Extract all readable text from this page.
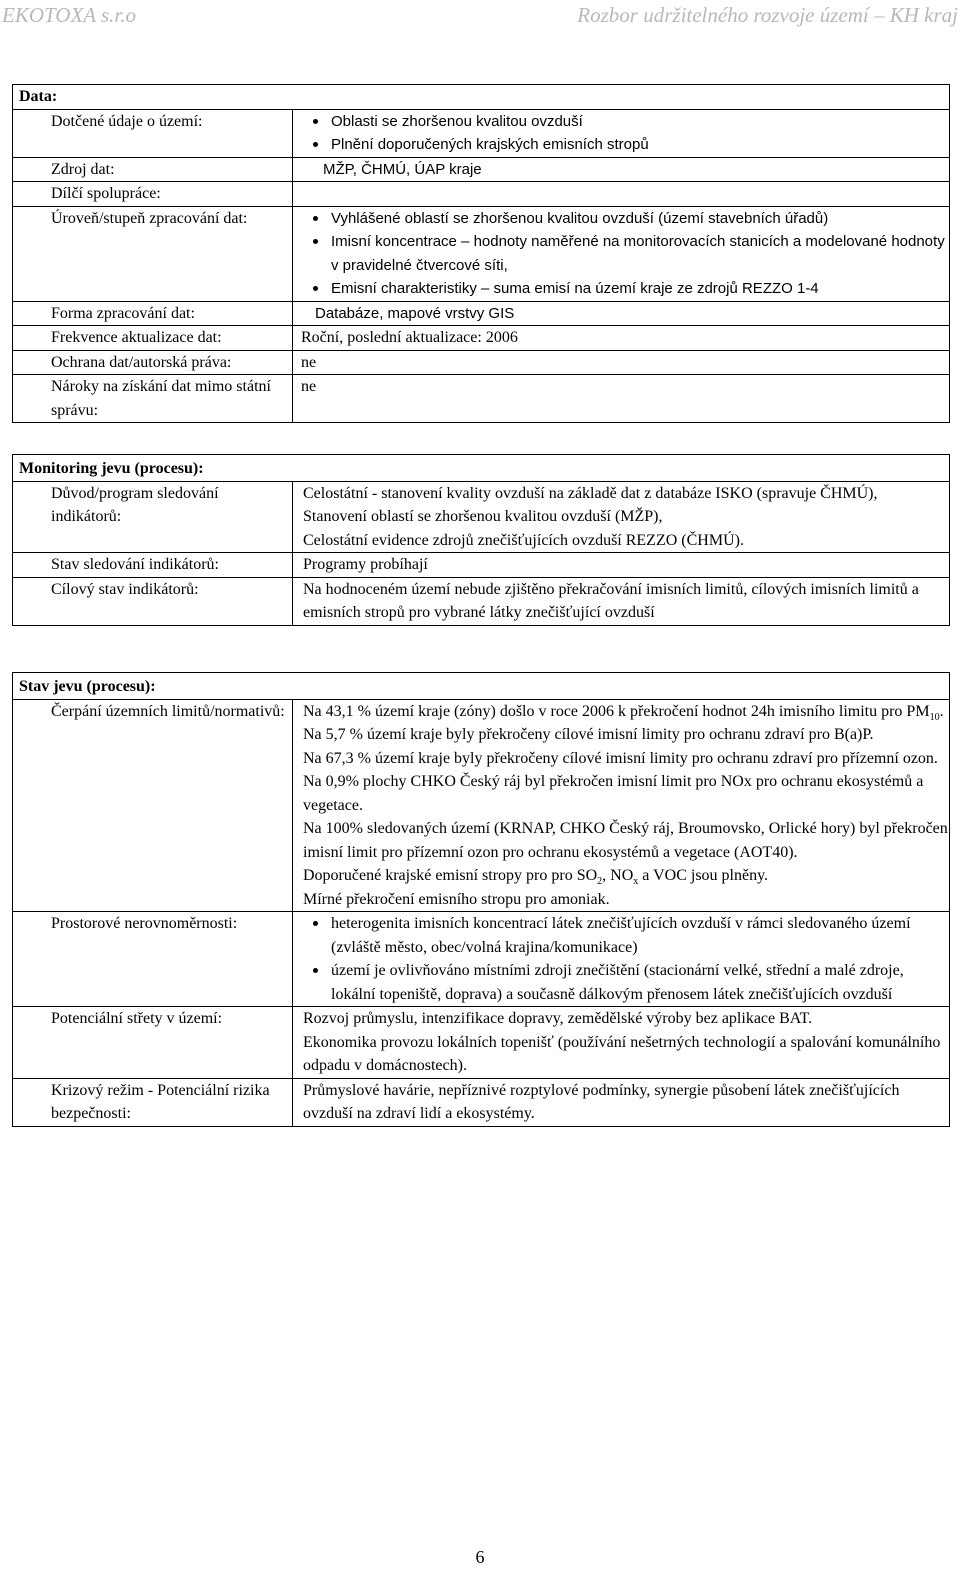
EKOTOXA s.r.o	Rozbor udržitelného rozvoje území – KH kraj
Data:
Dotčené údaje o území:	Oblasti se zhoršenou kvalitou ovzduší
Plnění doporučených krajských emisních stropů
Zdroj dat:	MŽP, ČHMÚ, ÚAP kraje
Dílčí spolupráce:
Úroveň/stupeň zpracování dat:	Vyhlášené oblastí se zhoršenou kvalitou ovzduší (území stavebních úřadů)
Imisní koncentrace – hodnoty naměřené na monitorovacích stanicích a modelované hodnoty v pravidelné čtvercové síti,
Emisní charakteristiky – suma emisí na území kraje ze zdrojů REZZO 1-4
Forma zpracování dat:	Databáze, mapové vrstvy GIS
Frekvence aktualizace dat:	Roční, poslední aktualizace: 2006
Ochrana dat/autorská práva:	ne
Nároky na získání dat mimo státní správu:
ne
Monitoring jevu (procesu):
Důvod/program sledování indikátorů:
Celostátní - stanovení kvality ovzduší na základě dat z databáze ISKO (spravuje ČHMÚ),
Stanovení oblastí se zhoršenou kvalitou ovzduší (MŽP),
Celostátní evidence zdrojů znečišťujících ovzduší REZZO (ČHMÚ).
Stav sledování indikátorů:	Programy probíhají
Cílový stav indikátorů:	Na hodnoceném území nebude zjištěno překračování imisních limitů, cílových imisních limitů a emisních stropů pro vybrané látky znečišťující ovzduší
Stav jevu (procesu):
Čerpání územních limitů/normativů:	Na 43,1 % území kraje (zóny) došlo v roce 2006 k překročení hodnot 24h imisního limitu pro $PM_{10}$.
Na 5,7 % území kraje byly překročeny cílové imisní limity pro ochranu zdraví pro B(a)P.
Na 67,3 % území kraje byly překročeny cílové imisní limity pro ochranu zdraví pro přízemní ozon.
Na 0,9% plochy CHKO Český ráj byl překročen imisní limit pro NOx pro ochranu ekosystémů a vegetace.
Na 100% sledovaných území (KRNAP, CHKO Český ráj, Broumovsko, Orlické hory) byl překročen imisní limit pro přízemní ozon pro ochranu ekosystémů a vegetace (AOT40).
Doporučené krajské emisní stropy pro pro $SO_2$, $NO_x$ a VOC jsou plněny.
Mírné překročení emisního stropu pro amoniak.
Prostorové nerovnoměrnosti:	heterogenita imisních koncentrací látek znečišťujících ovzduší v rámci sledovaného území (zvláště město, obec/volná krajina/komunikace)
území je ovlivňováno místními zdroji znečištění (stacionární velké, střední a malé zdroje, lokální topeniště, doprava) a současně dálkovým přenosem látek znečišťujících ovzduší
Potenciální střety v území:	Rozvoj průmyslu, intenzifikace dopravy, zemědělské výroby bez aplikace BAT.
Ekonomika provozu lokálních topenišť (používání nešetrných technologií a spalování komunálního odpadu v domácnostech).
Krizový režim - Potenciální rizika bezpečnosti:
Průmyslové havárie, nepříznivé rozptylové podmínky, synergie působení látek znečišťujících ovzduší na zdraví lidí a ekosystémy.
6
